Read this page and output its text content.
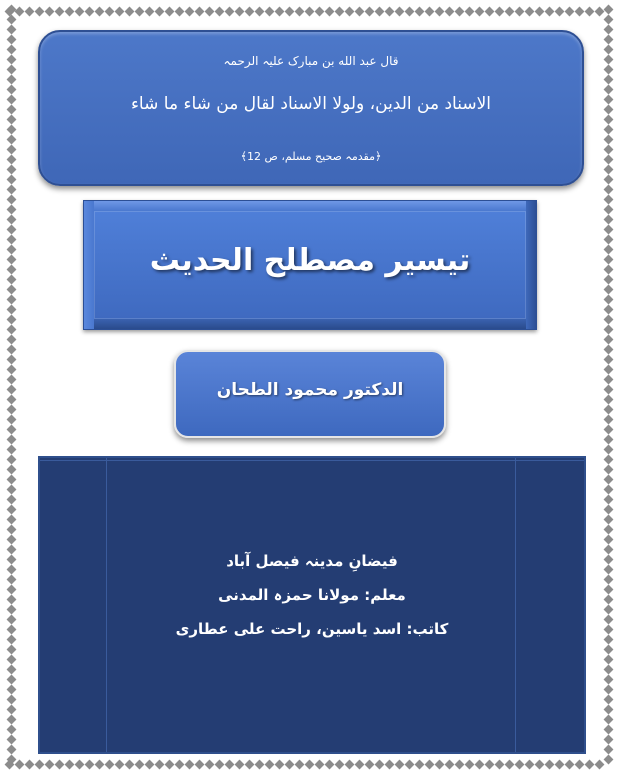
قال عبد الله بن مبارک علیہ الرحمہ
الاسناد من الدین، ولولا الاسناد لقال من شاء ما شاء
﴿مقدمہ صحیح مسلم، ص 12﴾
تیسیر مصطلح الحدیث
الدکتور محمود الطحان
فیضانِ مدینہ فیصل آباد
معلم: مولانا حمزہ المدنی
کاتب: اسد یاسین، راحت علی عطاری
